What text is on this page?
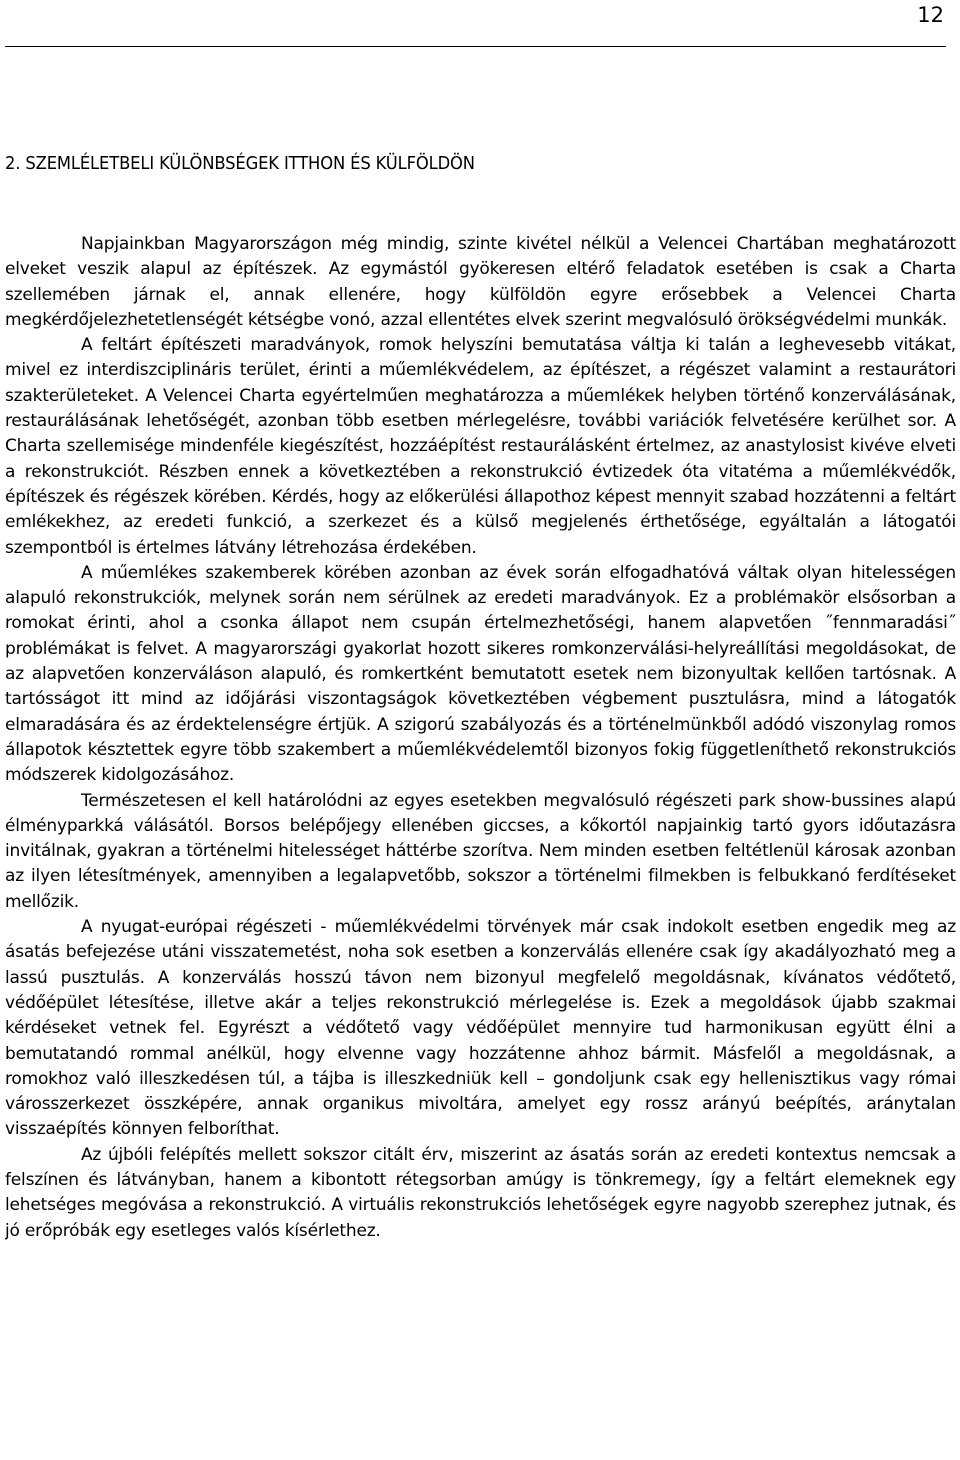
12
2. SZEMLÉLETBELI KÜLÖNBSÉGEK ITTHON ÉS KÜLFÖLDÖN

Napjainkban Magyarországon még mindig, szinte kivétel nélkül a Velencei Chartában meghatározott elveket veszik alapul az építészek. Az egymástól gyökeresen eltérő feladatok esetében is csak a Charta szellemében járnak el, annak ellenére, hogy külföldön egyre erősebbek a Velencei Charta megkérdőjelezhetetlenségét kétségbe vonó, azzal ellentétes elvek szerint megvalósuló örökségvédelmi munkák.

A feltárt építészeti maradványok, romok helyszíni bemutatása váltja ki talán a leghevesebb vitákat, mivel ez interdiszciplináris terület, érinti a műemlékvédelem, az építészet, a régészet valamint a restaurátori szakterületeket. A Velencei Charta egyértelműen meghatározza a műemlékek helyben történő konzerválásának, restaurálásának lehetőségét, azonban több esetben mérlegelésre, további variációk felvetésére kerülhet sor. A Charta szellemisége mindenféle kiegészítést, hozzáépítést restaurálásként értelmez, az anastylosist kivéve elveti a rekonstrukciót. Részben ennek a következtében a rekonstrukció évtizedek óta vitatéma a műemlékvédők, építészek és régészek körében. Kérdés, hogy az előkerülési állapothoz képest mennyit szabad hozzátenni a feltárt emlékekhez, az eredeti funkció, a szerkezet és a külső megjelenés érthetősége, egyáltalán a látogatói szempontból is értelmes látvány létrehozása érdekében.

A műemlékes szakemberek körében azonban az évek során elfogadhatóvá váltak olyan hitelességen alapuló rekonstrukciók, melynek során nem sérülnek az eredeti maradványok. Ez a problémakör elsősorban a romokat érinti, ahol a csonka állapot nem csupán értelmezhetőségi, hanem alapvetően ˝fennmaradási˝ problémákat is felvet. A magyarországi gyakorlat hozott sikeres romkonzerválási-helyreállítási megoldásokat, de az alapvetően konzerváláson alapuló, és romkertként bemutatott esetek nem bizonyultak kellően tartósnak. A tartósságot itt mind az időjárási viszontagságok következtében végbement pusztulásra, mind a látogatók elmaradására és az érdektelenségre értjük. A szigorú szabályozás és a történelmünkből adódó viszonylag romos állapotok késztettek egyre több szakembert a műemlékvédelemtől bizonyos fokig függetleníthető rekonstrukciós módszerek kidolgozásához.

Természetesen el kell határolódni az egyes esetekben megvalósuló régészeti park show-bussines alapú élményparkká válásától. Borsos belépőjegy ellenében giccses, a kőkortól napjainkig tartó gyors időutazásra invitálnak, gyakran a történelmi hitelességet háttérbe szorítva. Nem minden esetben feltétlenül károsak azonban az ilyen létesítmények, amennyiben a legalapvetőbb, sokszor a történelmi filmekben is felbukkanó ferdítéseket mellőzik.

A nyugat-európai régészeti - műemlékvédelmi törvények már csak indokolt esetben engedik meg az ásatás befejezése utáni visszatemetést, noha sok esetben a konzerválás ellenére csak így akadályozható meg a lassú pusztulás. A konzerválás hosszú távon nem bizonyul megfelelő megoldásnak, kívánatos védőtető, védőépület létesítése, illetve akár a teljes rekonstrukció mérlegelése is. Ezek a megoldások újabb szakmai kérdéseket vetnek fel. Egyrészt a védőtető vagy védőépület mennyire tud harmonikusan együtt élni a bemutatandó rommal anélkül, hogy elvenne vagy hozzátenne ahhoz bármit. Másfelől a megoldásnak, a romokhoz való illeszkedésen túl, a tájba is illeszkedniük kell – gondoljunk csak egy hellenisztikus vagy római városszerkezet összképére, annak organikus mivoltára, amelyet egy rossz arányú beépítés, aránytalan visszaépítés könnyen felboríthat.

Az újbóli felépítés mellett sokszor citált érv, miszerint az ásatás során az eredeti kontextus nemcsak a felszínen és látványban, hanem a kibontott rétegsorban amúgy is tönkremegy, így a feltárt elemeknek egy lehetséges megóvása a rekonstrukció. A virtuális rekonstrukciós lehetőségek egyre nagyobb szerephez jutnak, és jó erőpróbák egy esetleges valós kísérlethez.
